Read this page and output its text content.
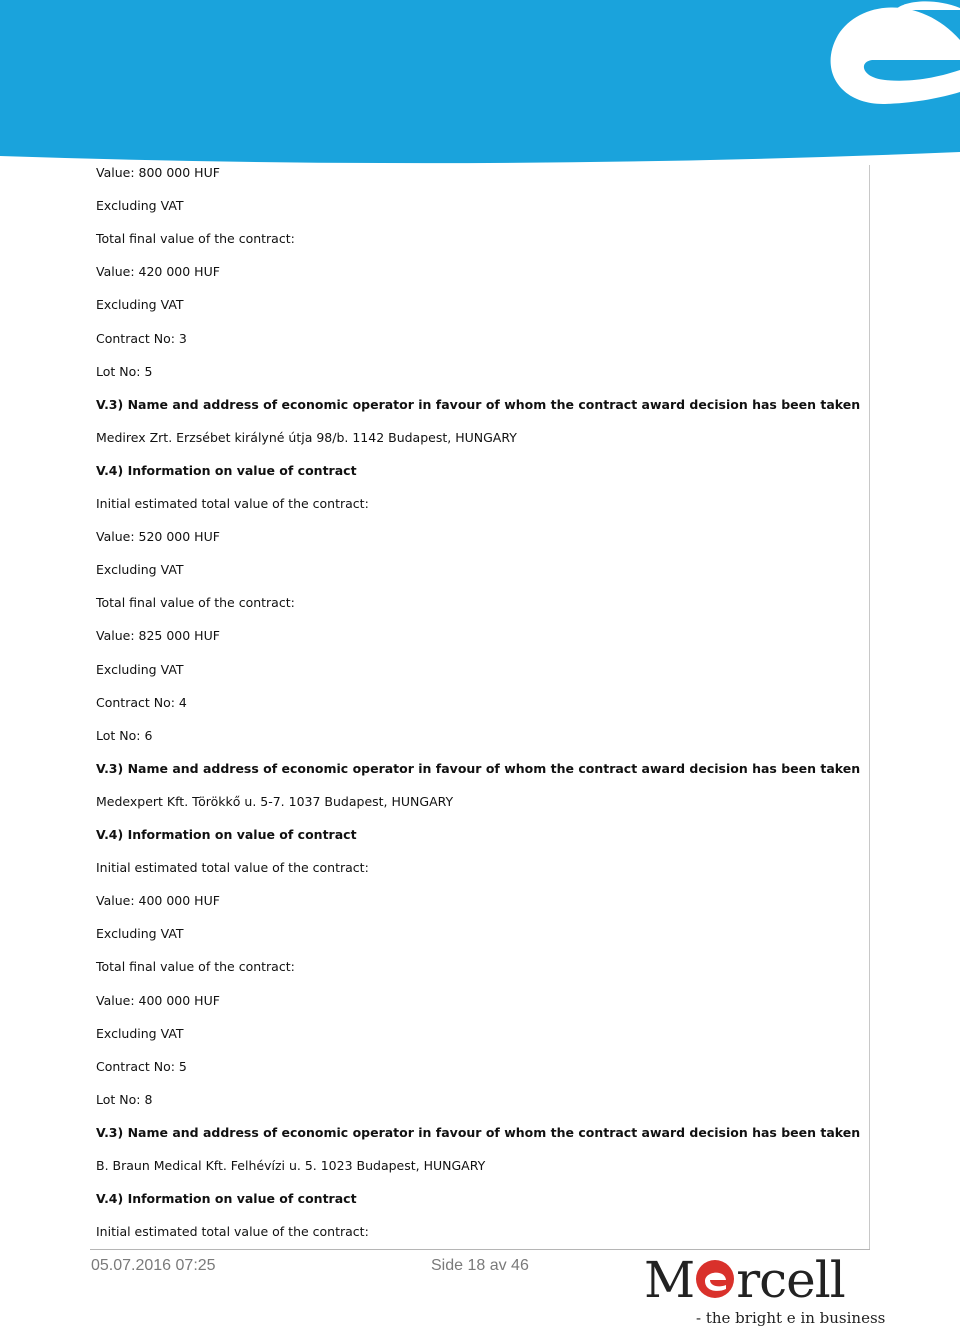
Value: 800 000 HUF
Excluding VAT
Total final value of the contract:
Value: 420 000 HUF
Excluding VAT
Contract No: 3
Lot No: 5
V.3) Name and address of economic operator in favour of whom the contract award decision has been taken
Medirex Zrt. Erzsébet királyné útja 98/b. 1142 Budapest, HUNGARY
V.4) Information on value of contract
Initial estimated total value of the contract:
Value: 520 000 HUF
Excluding VAT
Total final value of the contract:
Value: 825 000 HUF
Excluding VAT
Contract No: 4
Lot No: 6
V.3) Name and address of economic operator in favour of whom the contract award decision has been taken
Medexpert Kft. Törökkő u. 5-7. 1037 Budapest, HUNGARY
V.4) Information on value of contract
Initial estimated total value of the contract:
Value: 400 000 HUF
Excluding VAT
Total final value of the contract:
Value: 400 000 HUF
Excluding VAT
Contract No: 5
Lot No: 8
V.3) Name and address of economic operator in favour of whom the contract award decision has been taken
B. Braun Medical Kft. Felhévízi u. 5. 1023 Budapest, HUNGARY
V.4) Information on value of contract
Initial estimated total value of the contract:
05.07.2016 07:25	Side 18 av 46 M rcell
- the bright e in business
